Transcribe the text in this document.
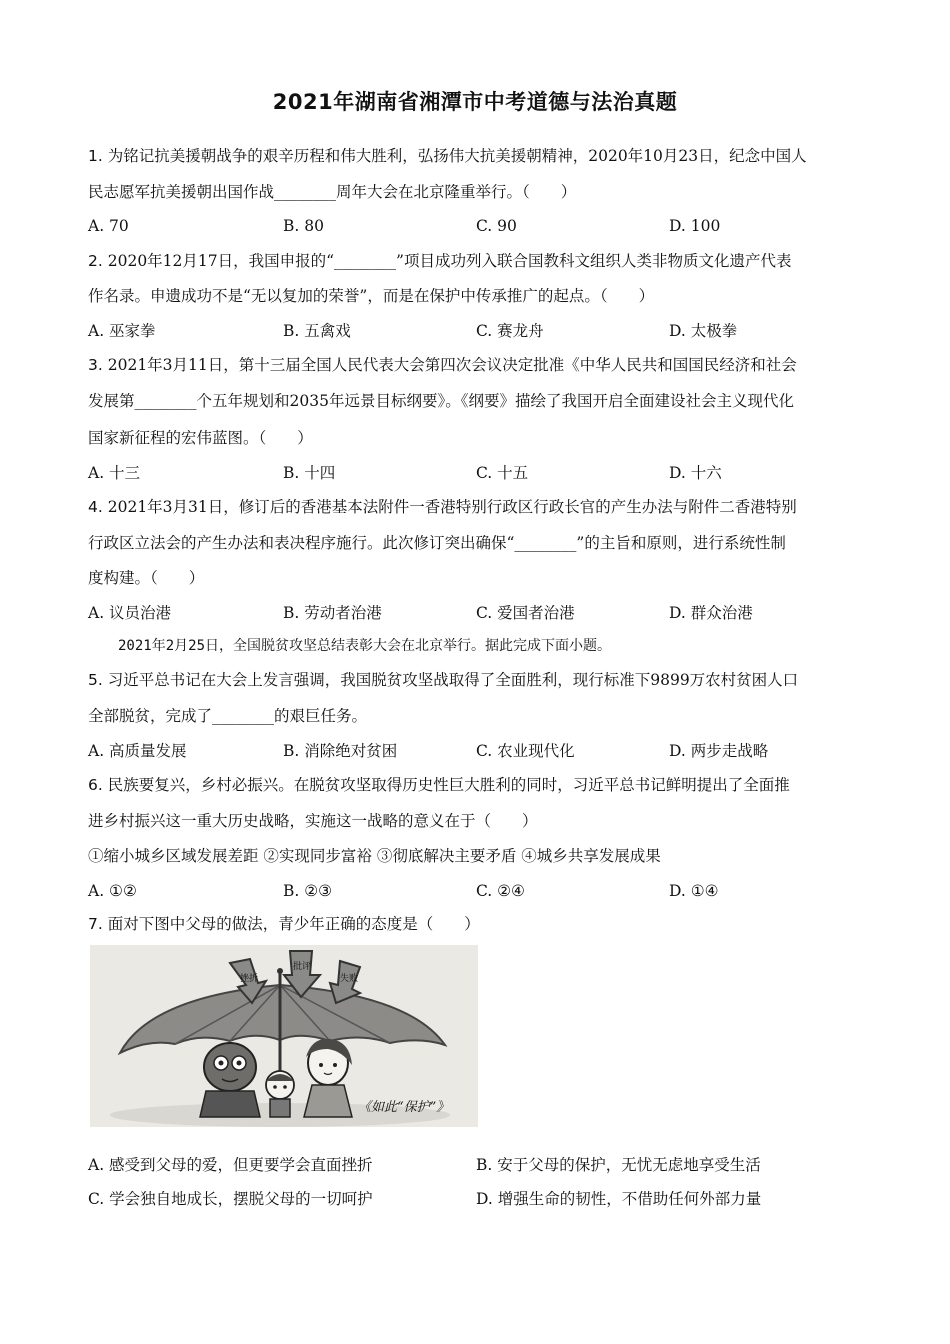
2021年湖南省湘潭市中考道德与法治真题
1. 为铭记抗美援朝战争的艰辛历程和伟大胜利，弘扬伟大抗美援朝精神，2020年10月23日，纪念中国人
民志愿军抗美援朝出国作战________周年大会在北京隆重举行。（　　）
A. 70	B. 80	C. 90	D. 100
2. 2020年12月17日，我国申报的“________”项目成功列入联合国教科文组织人类非物质文化遗产代表
作名录。申遗成功不是“无以复加的荣誉”，而是在保护中传承推广的起点。（　　）
A. 巫家拳	B. 五禽戏	C. 赛龙舟	D. 太极拳
3. 2021年3月11日，第十三届全国人民代表大会第四次会议决定批准《中华人民共和国国民经济和社会
发展第________个五年规划和2035年远景目标纲要》。《纲要》描绘了我国开启全面建设社会主义现代化
国家新征程的宏伟蓝图。（　　）
A. 十三	B. 十四	C. 十五	D. 十六
4. 2021年3月31日，修订后的香港基本法附件一香港特别行政区行政长官的产生办法与附件二香港特别
行政区立法会的产生办法和表决程序施行。此次修订突出确保“________”的主旨和原则，进行系统性制
度构建。（　　）
A. 议员治港	B. 劳动者治港	C. 爱国者治港	D. 群众治港
2021年2月25日，全国脱贫攻坚总结表彰大会在北京举行。据此完成下面小题。
5. 习近平总书记在大会上发言强调，我国脱贫攻坚战取得了全面胜利，现行标准下9899万农村贫困人口
全部脱贫，完成了________的艰巨任务。
A. 高质量发展	B. 消除绝对贫困	C. 农业现代化	D. 两步走战略
6. 民族要复兴，乡村必振兴。在脱贫攻坚取得历史性巨大胜利的同时，习近平总书记鲜明提出了全面推
进乡村振兴这一重大历史战略，实施这一战略的意义在于（　　）
①缩小城乡区域发展差距 ②实现同步富裕 ③彻底解决主要矛盾 ④城乡共享发展成果
A. ①②	B. ②③	C. ②④	D. ①④
7. 面对下图中父母的做法，青少年正确的态度是（　　）
挫折
批评
失败
《如此“保护”》
A. 感受到父母的爱，但更要学会直面挫折	B. 安于父母的保护，无忧无虑地享受生活
C. 学会独自地成长，摆脱父母的一切呵护	D. 增强生命的韧性，不借助任何外部力量
